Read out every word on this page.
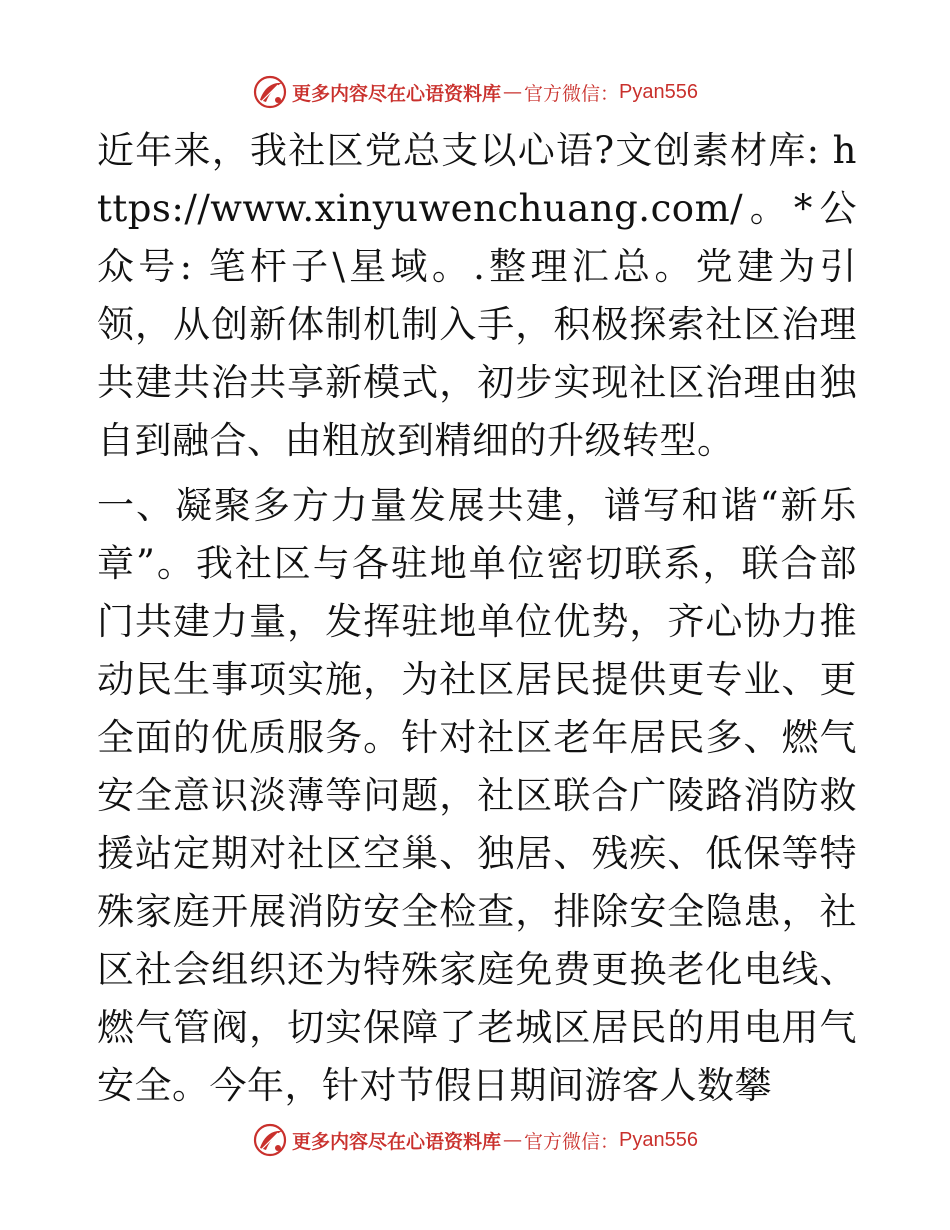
更多内容尽在心语资料库 — 官方微信： Pyan556

近年来，我社区党总支以心语?文创素材库: https://www.xinyuwenchuang.com/。*公众号: 笔杆子\星域。.整理汇总。党建为引领，从创新体制机制入手，积极探索社区治理共建共治共享新模式，初步实现社区治理由独自到融合、由粗放到精细的升级转型。

一、凝聚多方力量发展共建，谱写和谐“新乐章”。我社区与各驻地单位密切联系，联合部门共建力量，发挥驻地单位优势，齐心协力推动民生事项实施，为社区居民提供更专业、更全面的优质服务。针对社区老年居民多、燃气安全意识淡薄等问题，社区联合广陵路消防救援站定期对社区空巢、独居、残疾、低保等特殊家庭开展消防安全检查，排除安全隐患，社区社会组织还为特殊家庭免费更换老化电线、燃气管阀，切实保障了老城区居民的用电用气安全。今年，针对节假日期间游客人数攀

更多内容尽在心语资料库 — 官方微信： Pyan556
